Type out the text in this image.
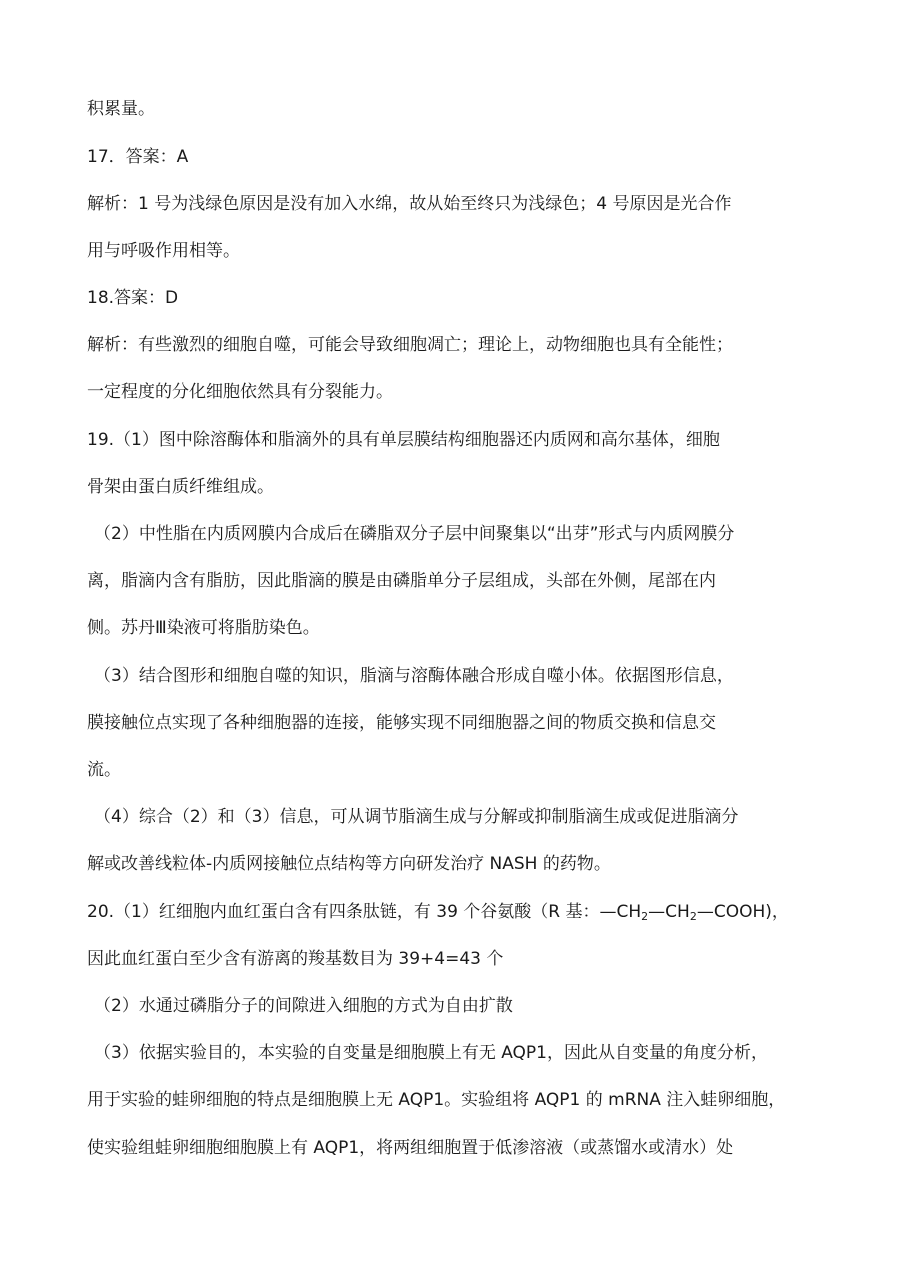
积累量。
17．答案：A
解析：1 号为浅绿色原因是没有加入水绵，故从始至终只为浅绿色；4 号原因是光合作
用与呼吸作用相等。
18.答案：D
解析：有些激烈的细胞自噬，可能会导致细胞凋亡；理论上，动物细胞也具有全能性；
一定程度的分化细胞依然具有分裂能力。
19.（1）图中除溶酶体和脂滴外的具有单层膜结构细胞器还内质网和高尔基体，细胞
骨架由蛋白质纤维组成。
（2）中性脂在内质网膜内合成后在磷脂双分子层中间聚集以“出芽”形式与内质网膜分
离，脂滴内含有脂肪，因此脂滴的膜是由磷脂单分子层组成，头部在外侧，尾部在内
侧。苏丹Ⅲ染液可将脂肪染色。
（3）结合图形和细胞自噬的知识，脂滴与溶酶体融合形成自噬小体。依据图形信息，
膜接触位点实现了各种细胞器的连接，能够实现不同细胞器之间的物质交换和信息交
流。
（4）综合（2）和（3）信息，可从调节脂滴生成与分解或抑制脂滴生成或促进脂滴分
解或改善线粒体-内质网接触位点结构等方向研发治疗 NASH 的药物。
20.（1）红细胞内血红蛋白含有四条肽链，有 39 个谷氨酸（R 基：$—CH_2—CH_2—COOH$)，
因此血红蛋白至少含有游离的羧基数目为 39+4=43 个
（2）水通过磷脂分子的间隙进入细胞的方式为自由扩散
（3）依据实验目的，本实验的自变量是细胞膜上有无 AQP1，因此从自变量的角度分析，
用于实验的蛙卵细胞的特点是细胞膜上无 AQP1。实验组将 AQP1 的 mRNA 注入蛙卵细胞，
使实验组蛙卵细胞细胞膜上有 AQP1，将两组细胞置于低渗溶液（或蒸馏水或清水）处
